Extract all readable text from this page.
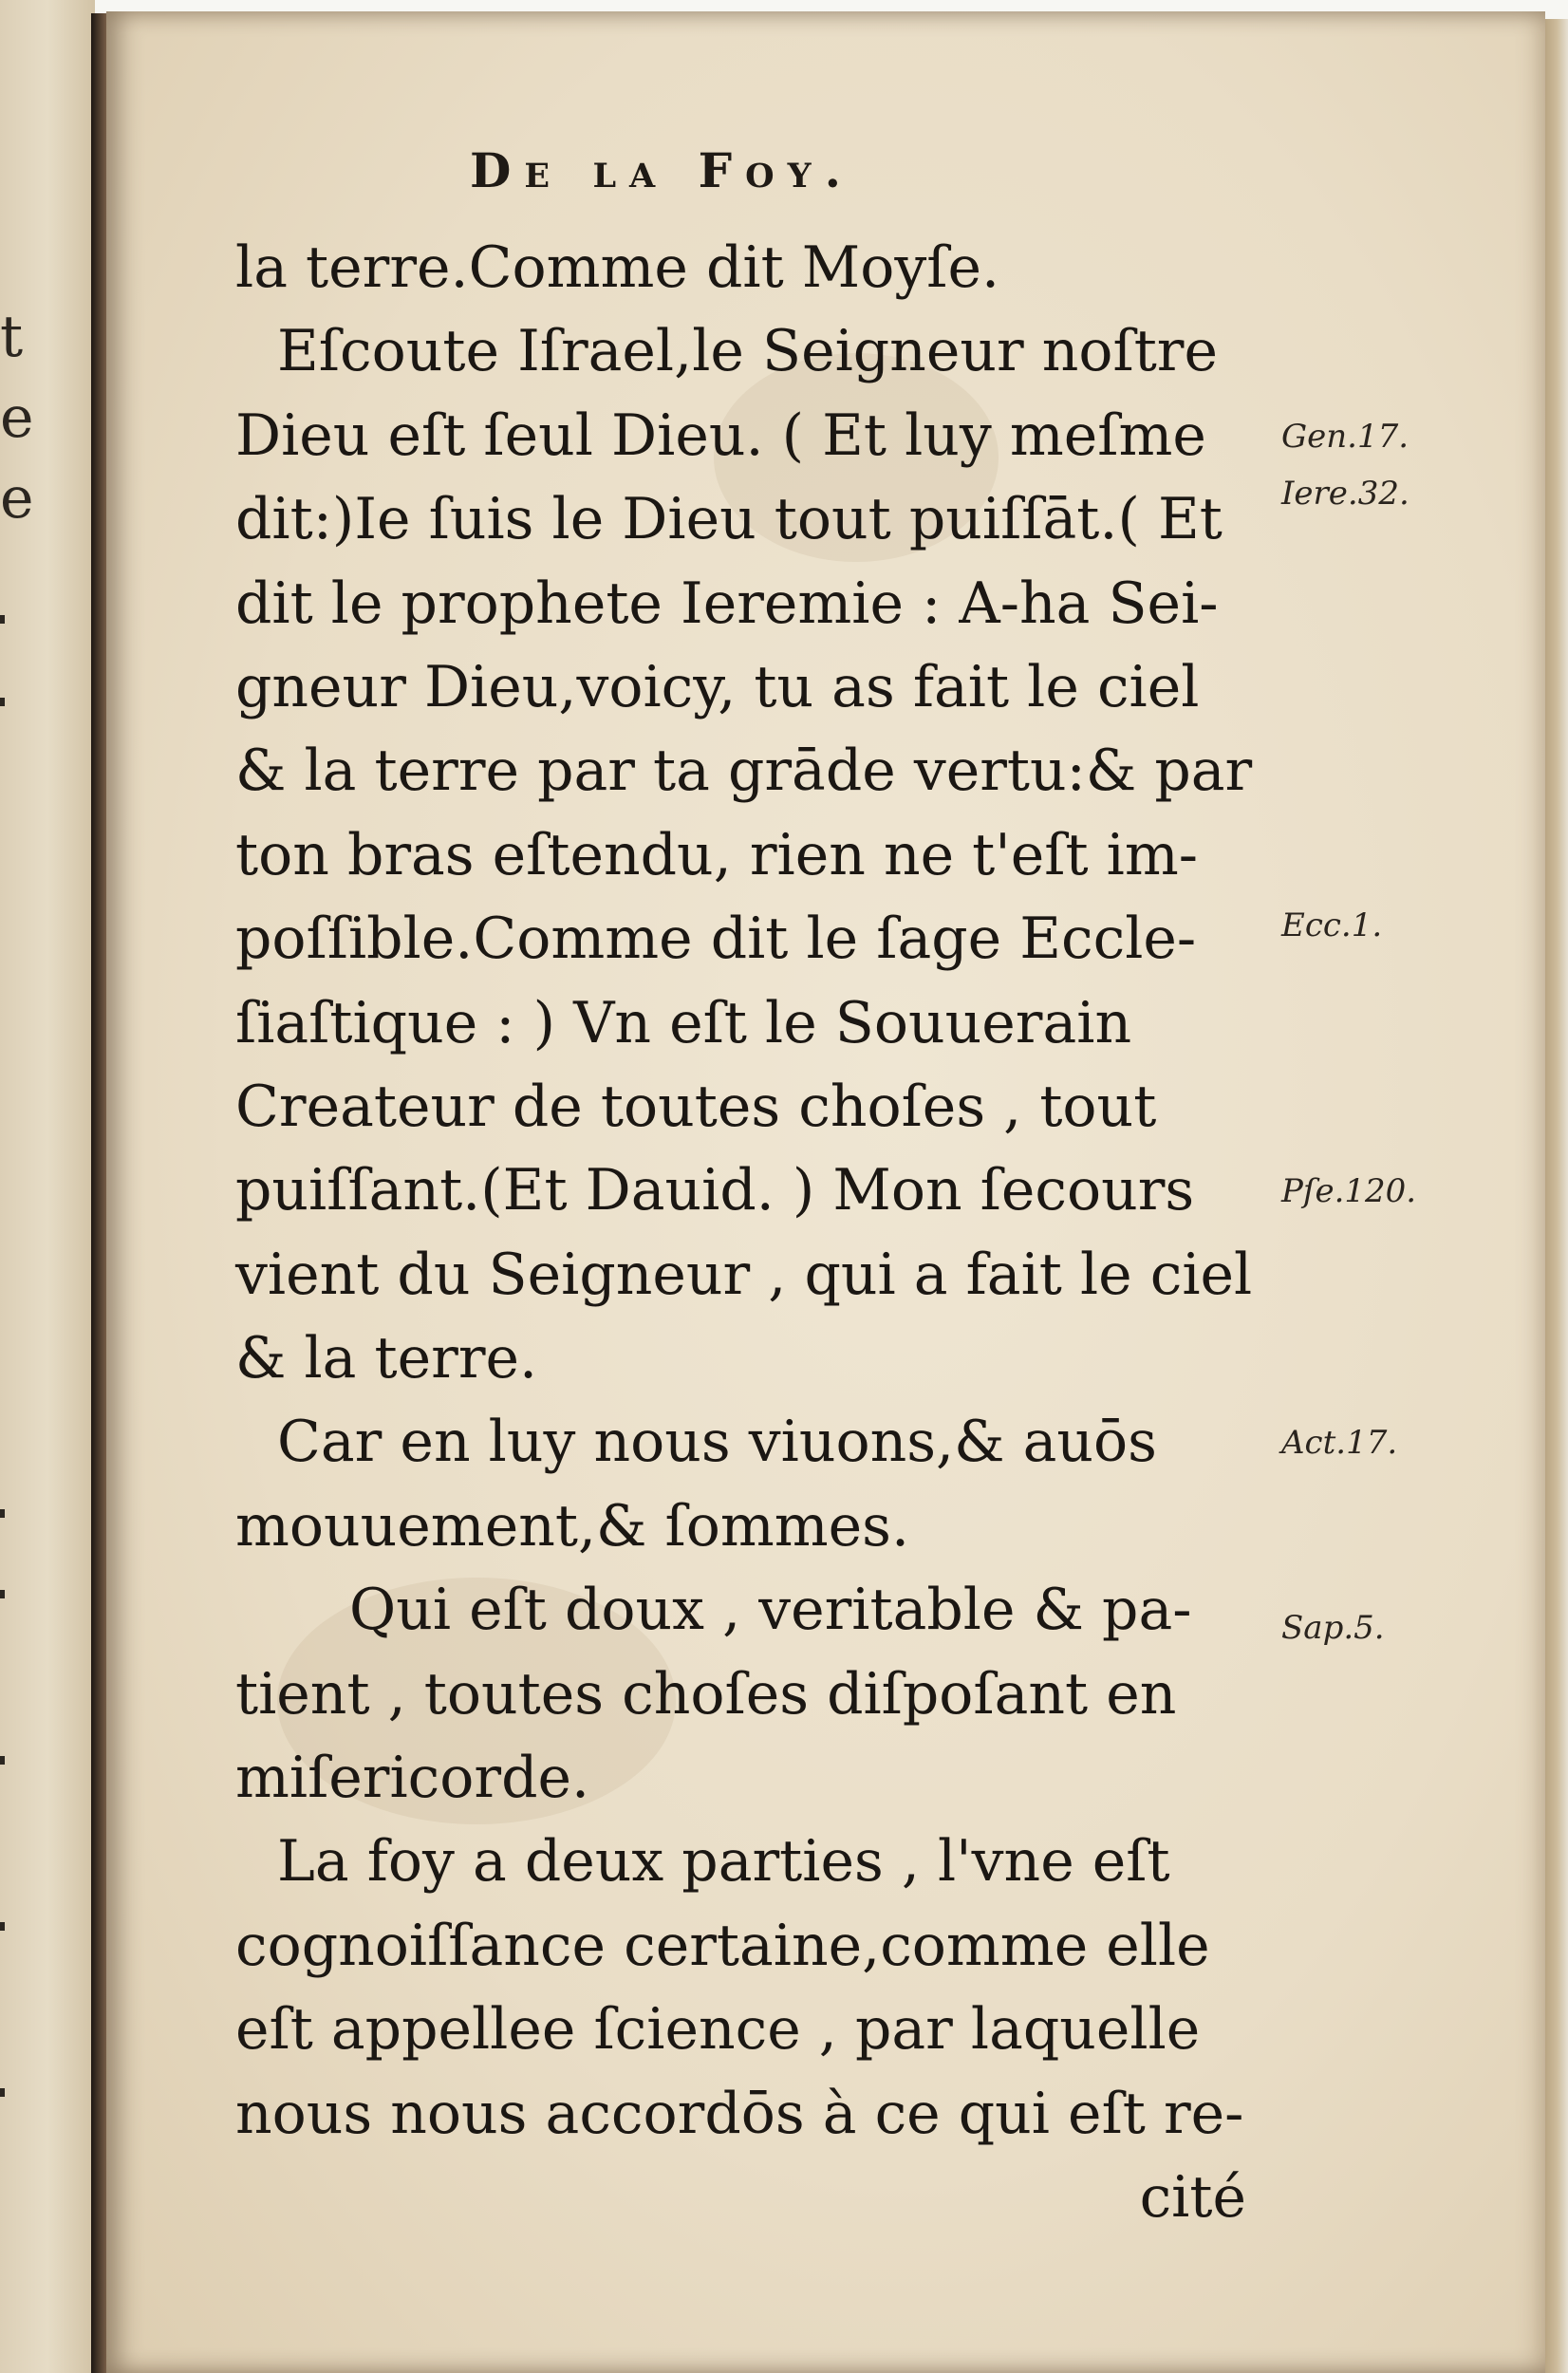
t
e
e
De la Foy.
la terre.Comme dit Moyſe.
Eſcoute Iſrael,le Seigneur noſtre
Dieu eſt ſeul Dieu. ( Et luy meſme
dit:)Ie ſuis le Dieu tout puiſſāt.( Et
dit le prophete Ieremie : A-ha Sei-
gneur Dieu,voicy, tu as fait le ciel
& la terre par ta grāde vertu:& par
ton bras eſtendu, rien ne t'eſt im-
poſſible.Comme dit le ſage Eccle-
ſiaſtique : ) Vn eſt le Souuerain
Createur de toutes choſes , tout
puiſſant.(Et Dauid. ) Mon ſecours
vient du Seigneur , qui a fait le ciel
& la terre.
Car en luy nous viuons,& auōs
mouuement,& ſommes.
Qui eſt doux , veritable & pa-
tient , toutes choſes diſpoſant en
miſericorde.
La foy a deux parties , l'vne eſt
cognoiſſance certaine,comme elle
eſt appellee ſcience , par laquelle
nous nous accordōs à ce qui eſt re-
cité
Gen.17.
Iere.32.
Ecc.1.
Pſe.120.
Act.17.
Sap.5.
